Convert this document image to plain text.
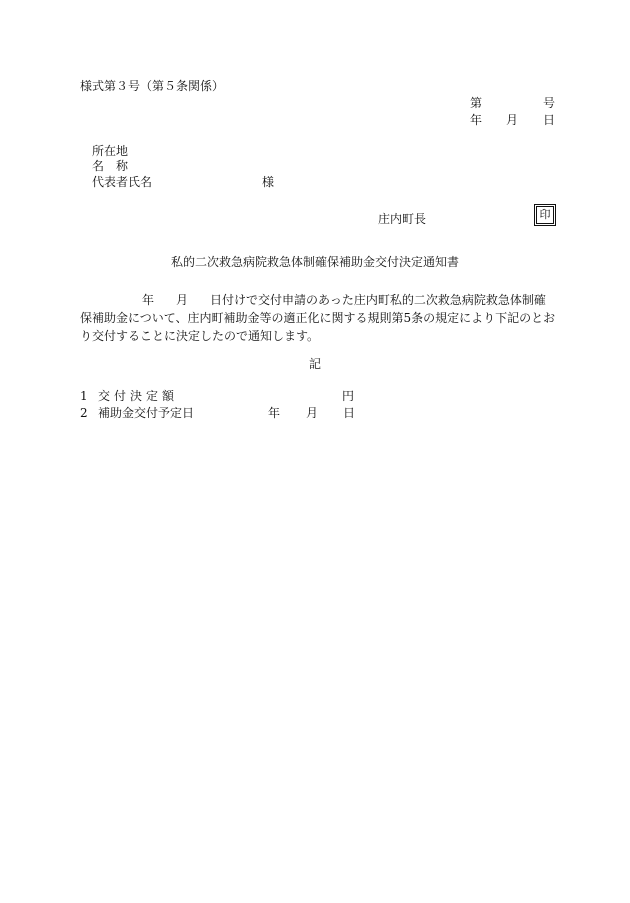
様式第３号（第５条関係）
第	号
年 月 日
所在地
名 称
代表者氏名	様
庄内町長	印
私的二次救急病院救急体制確保補助金交付決定通知書
年 月 日付けで交付申請のあった庄内町私的二次救急病院救急体制確
保補助金について、庄内町補助金等の適正化に関する規則第5条の規定により下記のとお
り交付することに決定したので通知します。
記
1 交 付 決 定 額	円
2 補助金交付予定日	年 月 日
